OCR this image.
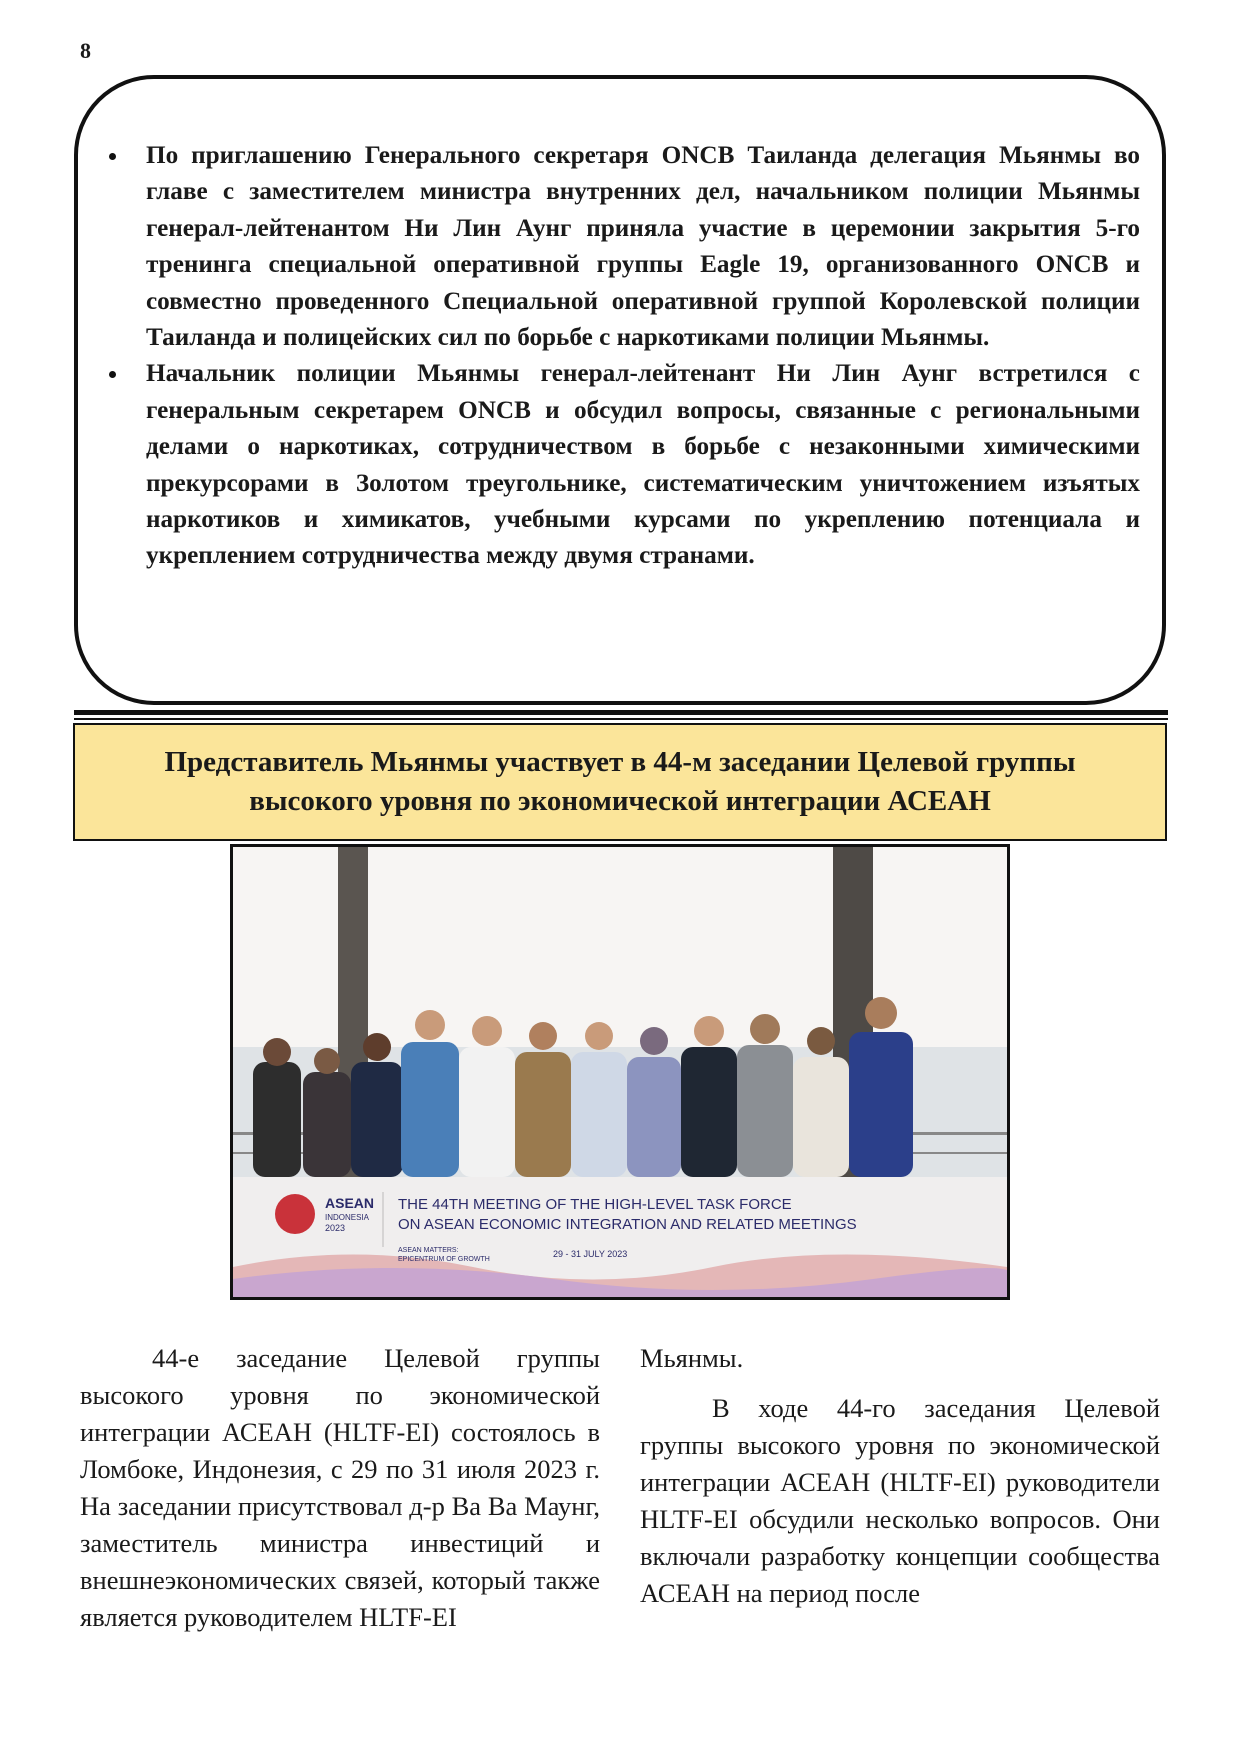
8
По приглашению Генерального секретаря ONCB Таиланда делегация Мьянмы во главе с заместителем министра внутренних дел, начальником полиции Мьянмы генерал-лейтенантом Ни Лин Аунг приняла участие в церемонии закрытия 5-го тренинга специальной оперативной группы Eagle 19, организованного ONCB и совместно проведенного Специальной оперативной группой Королевской полиции Таиланда и полицейских сил по борьбе с наркотиками полиции Мьянмы.
Начальник полиции Мьянмы генерал-лейтенант Ни Лин Аунг встретился с генеральным секретарем ONCB и обсудил вопросы, связанные с региональными делами о наркотиках, сотрудничеством в борьбе с незаконными химическими прекурсорами в Золотом треугольнике, систематическим уничтожением изъятых наркотиков и химикатов, учебными курсами по укреплению потенциала и укреплением сотрудничества между двумя странами.
Представитель Мьянмы участвует в 44-м заседании Целевой группы
высокого уровня по экономической интеграции АСЕАН
ASEAN
INDONESIA
2023
THE 44TH MEETING OF THE HIGH-LEVEL TASK FORCE
ON ASEAN ECONOMIC INTEGRATION AND RELATED MEETINGS
ASEAN MATTERS:
EPICENTRUM OF GROWTH
29 - 31 JULY 2023

44-е заседание Целевой группы высокого уровня по экономической интеграции АСЕАН (HLTF-EI) состоялось в Ломбоке, Индонезия, с 29 по 31 июля 2023 г. На заседании присутствовал д-р Ва Ва Маунг, заместитель министра инвестиций и внешнеэкономических связей, который также является руководителем HLTF-EI

Мьянмы.

В ходе 44-го заседания Целевой группы высокого уровня по экономической интеграции АСЕАН (HLTF-EI) руководители HLTF-EI обсудили несколько вопросов. Они включали разработку концепции сообщества АСЕАН на период после
